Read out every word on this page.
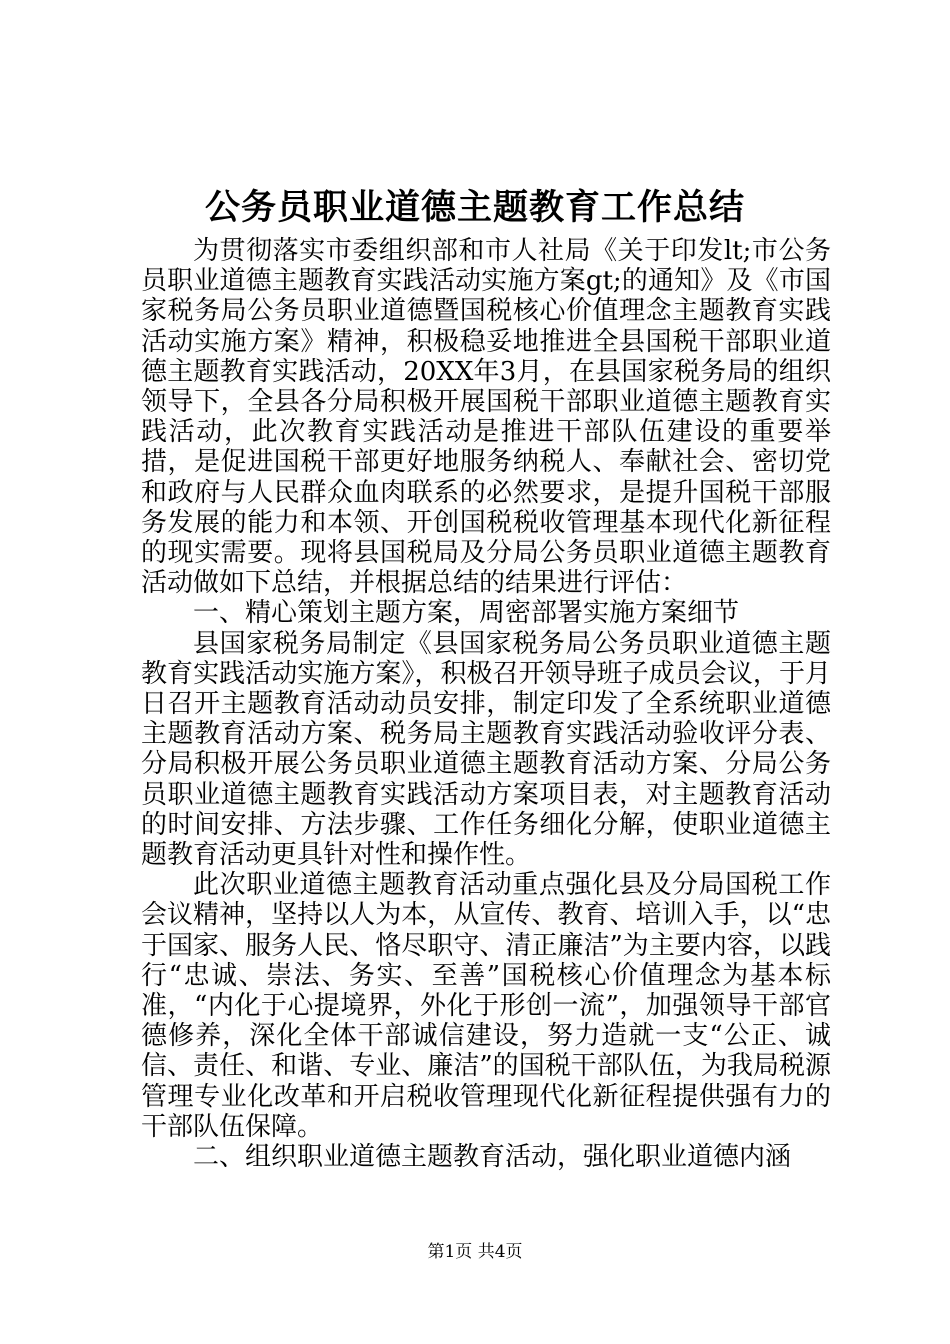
公务员职业道德主题教育工作总结

为贯彻落实市委组织部和市人社局《关于印发lt;市公务员职业道德主题教育实践活动实施方案gt;的通知》及《市国家税务局公务员职业道德暨国税核心价值理念主题教育实践活动实施方案》精神，积极稳妥地推进全县国税干部职业道德主题教育实践活动，20XX年3月，在县国家税务局的组织领导下，全县各分局积极开展国税干部职业道德主题教育实践活动，此次教育实践活动是推进干部队伍建设的重要举措，是促进国税干部更好地服务纳税人、奉献社会、密切党和政府与人民群众血肉联系的必然要求，是提升国税干部服务发展的能力和本领、开创国税税收管理基本现代化新征程的现实需要。现将县国税局及分局公务员职业道德主题教育活动做如下总结，并根据总结的结果进行评估：

一、精心策划主题方案，周密部署实施方案细节

县国家税务局制定《县国家税务局公务员职业道德主题教育实践活动实施方案》，积极召开领导班子成员会议，于月日召开主题教育活动动员安排，制定印发了全系统职业道德主题教育活动方案、税务局主题教育实践活动验收评分表、分局积极开展公务员职业道德主题教育活动方案、分局公务员职业道德主题教育实践活动方案项目表，对主题教育活动的时间安排、方法步骤、工作任务细化分解，使职业道德主题教育活动更具针对性和操作性。

此次职业道德主题教育活动重点强化县及分局国税工作会议精神，坚持以人为本，从宣传、教育、培训入手，以“忠于国家、服务人民、恪尽职守、清正廉洁”为主要内容，以践行“忠诚、崇法、务实、至善”国税核心价值理念为基本标准，“内化于心提境界，外化于形创一流”，加强领导干部官德修养，深化全体干部诚信建设，努力造就一支“公正、诚信、责任、和谐、专业、廉洁”的国税干部队伍，为我局税源管理专业化改革和开启税收管理现代化新征程提供强有力的干部队伍保障。

二、组织职业道德主题教育活动，强化职业道德内涵

第1页 共4页
